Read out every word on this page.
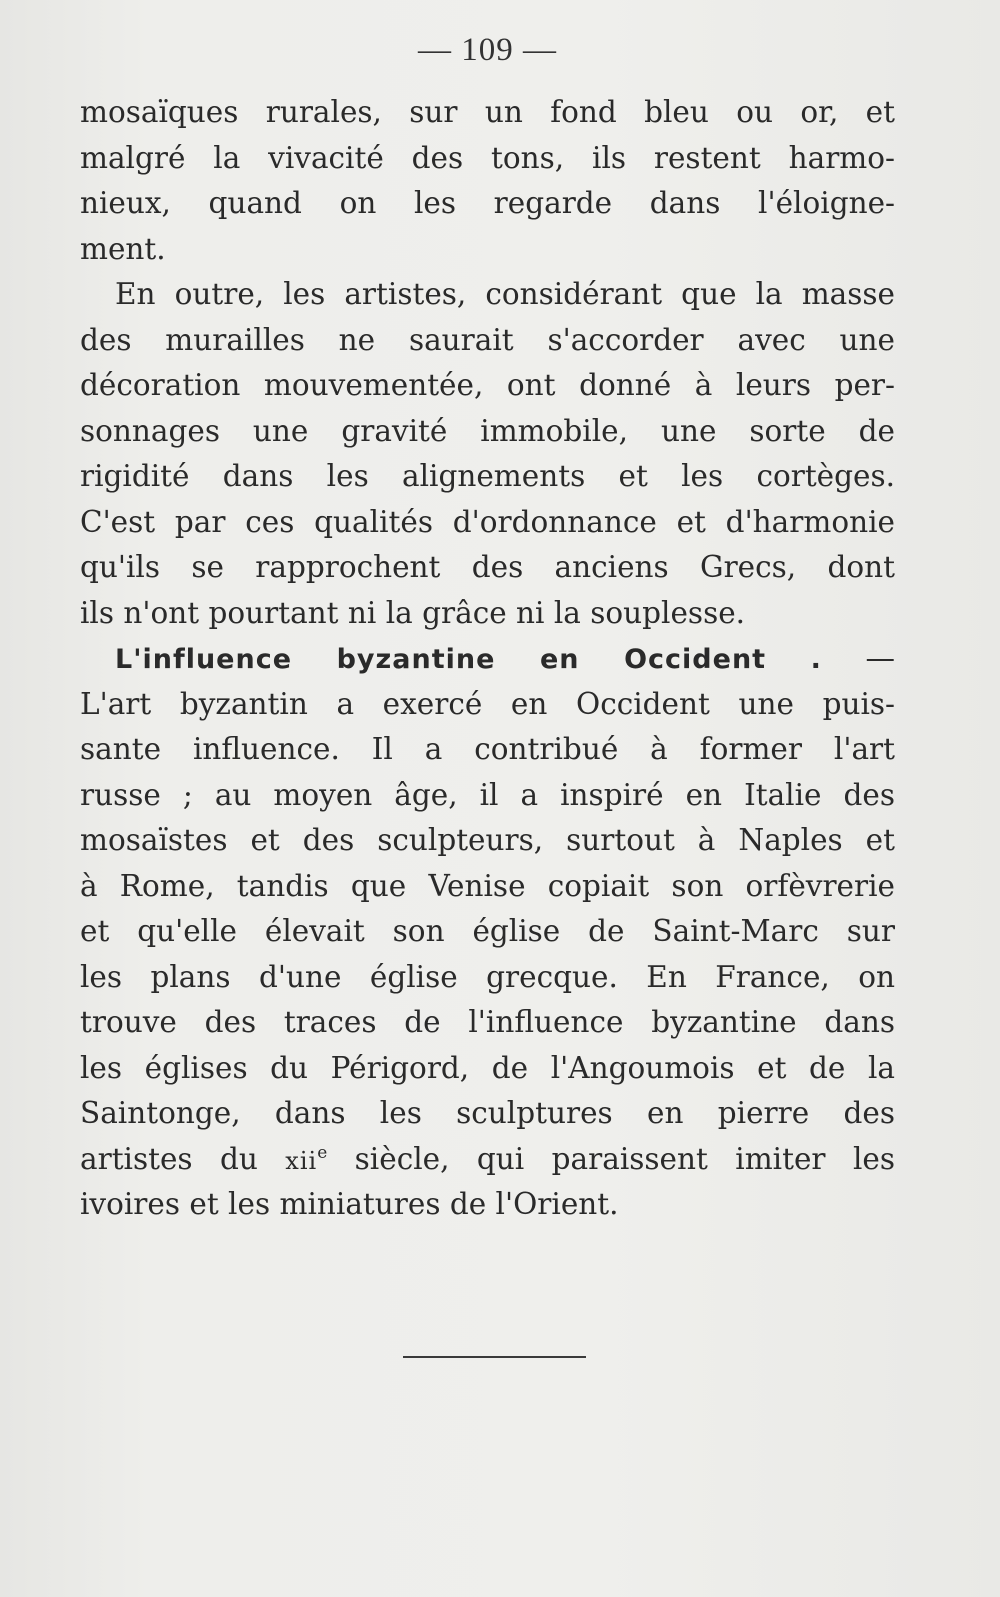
— 109 —
mosaïques rurales, sur un fond bleu ou or, et
malgré la vivacité des tons, ils restent harmo-
nieux, quand on les regarde dans l'éloigne-
ment.
En outre, les artistes, considérant que la masse
des murailles ne saurait s'accorder avec une
décoration mouvementée, ont donné à leurs per-
sonnages une gravité immobile, une sorte de
rigidité dans les alignements et les cortèges.
C'est par ces qualités d'ordonnance et d'harmonie
qu'ils se rapprochent des anciens Grecs, dont
ils n'ont pourtant ni la grâce ni la souplesse.
L'influence byzantine en Occident . —
L'art byzantin a exercé en Occident une puis-
sante influence. Il a contribué à former l'art
russe ; au moyen âge, il a inspiré en Italie des
mosaïstes et des sculpteurs, surtout à Naples et
à Rome, tandis que Venise copiait son orfèvrerie
et qu'elle élevait son église de Saint-Marc sur
les plans d'une église grecque. En France, on
trouve des traces de l'influence byzantine dans
les églises du Périgord, de l'Angoumois et de la
Saintonge, dans les sculptures en pierre des
artistes du xii$^e$ siècle, qui paraissent imiter les
ivoires et les miniatures de l'Orient.
